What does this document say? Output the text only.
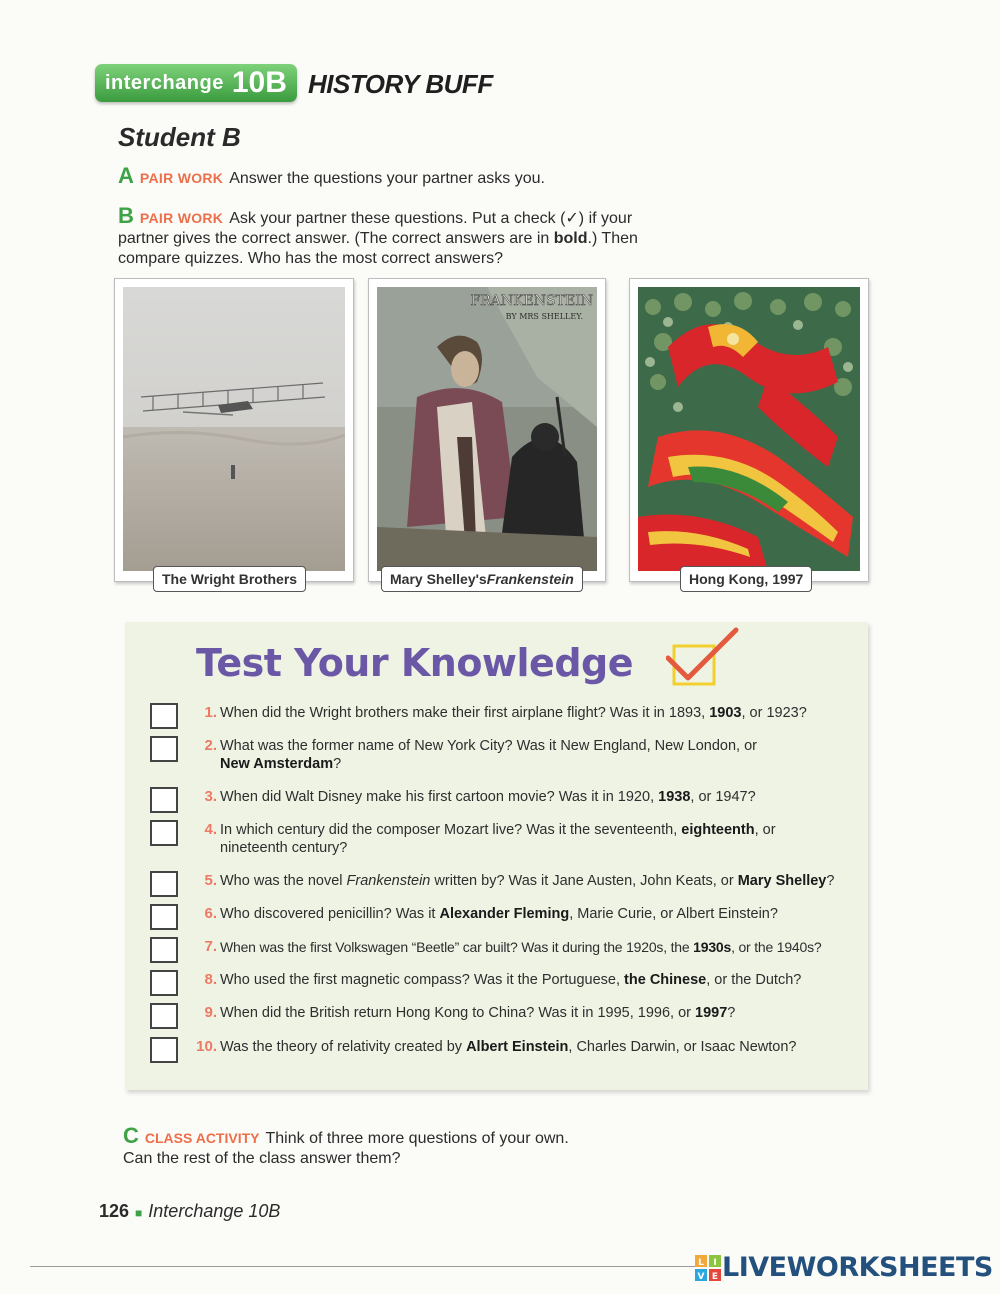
interchange 10B HISTORY BUFF
Student B
APAIR WORK Answer the questions your partner asks you.
BPAIR WORK Ask your partner these questions. Put a check (✓) if your partner gives the correct answer. (The correct answers are in bold.) Then compare quizzes. Who has the most correct answers?
The Wright Brothers
FRANKENSTEIN
BY MRS SHELLEY.
Mary Shelley's Frankenstein	Hong Kong, 1997
Test Your Knowledge
1. When did the Wright brothers make their first airplane flight? Was it in 1893, 1903, or 1923?
2. What was the former name of New York City? Was it New England, New London, or New Amsterdam?
3. When did Walt Disney make his first cartoon movie? Was it in 1920, 1938, or 1947?
4. In which century did the composer Mozart live? Was it the seventeenth, eighteenth, or nineteenth century?
5. Who was the novel Frankenstein written by? Was it Jane Austen, John Keats, or Mary Shelley?
6. Who discovered penicillin? Was it Alexander Fleming, Marie Curie, or Albert Einstein?
7. When was the first Volkswagen “Beetle” car built? Was it during the 1920s, the 1930s, or the 1940s?
8. Who used the first magnetic compass? Was it the Portuguese, the Chinese, or the Dutch?
9. When did the British return Hong Kong to China? Was it in 1995, 1996, or 1997?
10. Was the theory of relativity created by Albert Einstein, Charles Darwin, or Isaac Newton?
CCLASS ACTIVITY Think of three more questions of your own.
Can the rest of the class answer them?
126 ■ Interchange 10B
L I
V E LIVEWORKSHEETS
